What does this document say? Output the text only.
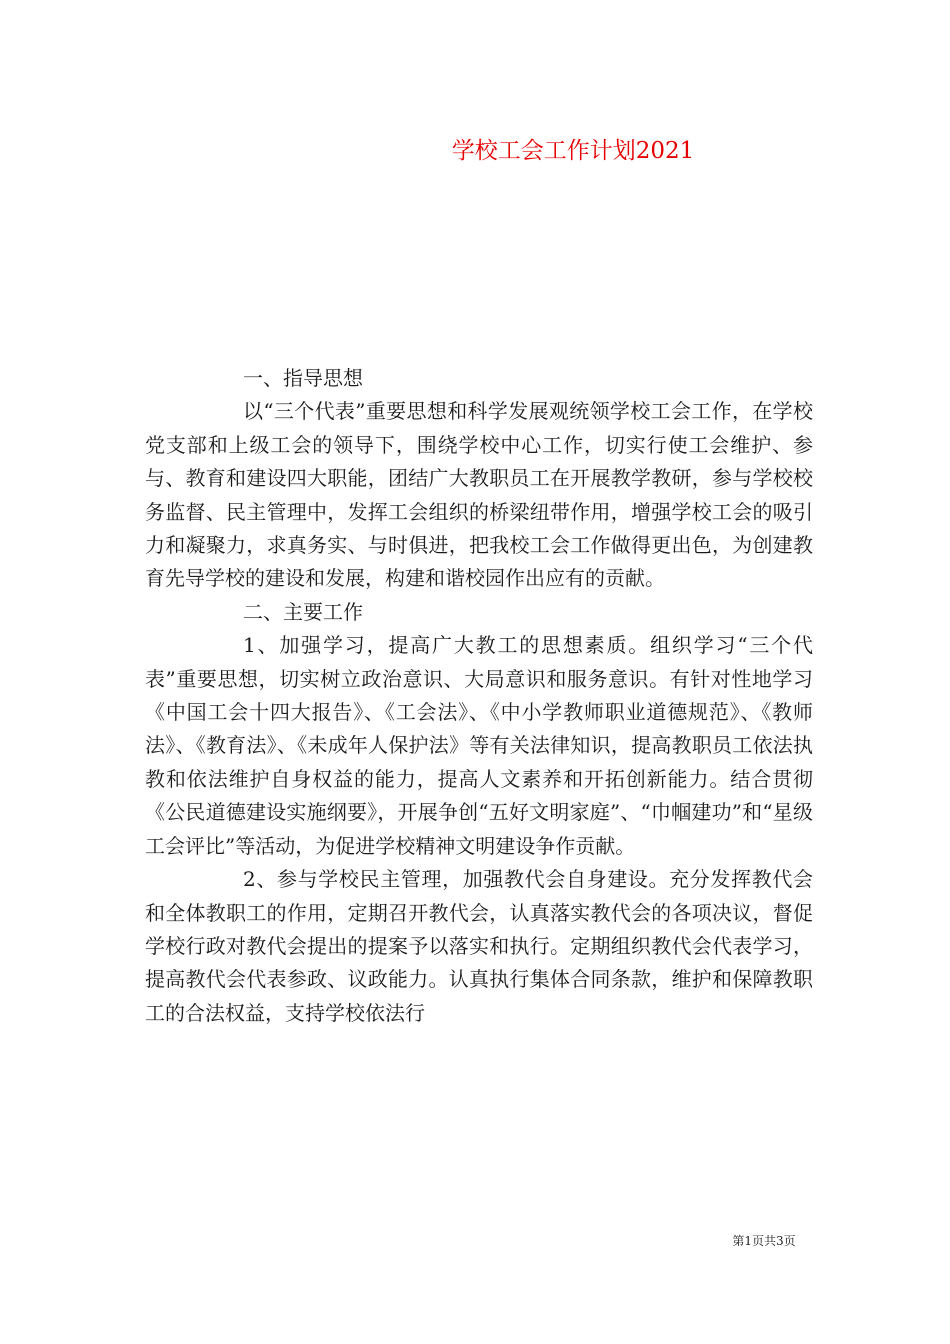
学校工会工作计划2021

一、指导思想

以“三个代表”重要思想和科学发展观统领学校工会工作，在学校党支部和上级工会的领导下，围绕学校中心工作，切实行使工会维护、参与、教育和建设四大职能，团结广大教职员工在开展教学教研，参与学校校务监督、民主管理中，发挥工会组织的桥梁纽带作用，增强学校工会的吸引力和凝聚力，求真务实、与时俱进，把我校工会工作做得更出色，为创建教育先导学校的建设和发展，构建和谐校园作出应有的贡献。

二、主要工作

1、加强学习，提高广大教工的思想素质。组织学习“三个代表”重要思想，切实树立政治意识、大局意识和服务意识。有针对性地学习《中国工会十四大报告》、《工会法》、《中小学教师职业道德规范》、《教师法》、《教育法》、《未成年人保护法》等有关法律知识，提高教职员工依法执教和依法维护自身权益的能力，提高人文素养和开拓创新能力。结合贯彻《公民道德建设实施纲要》，开展争创“五好文明家庭”、“巾帼建功”和“星级工会评比”等活动，为促进学校精神文明建设争作贡献。

2、参与学校民主管理，加强教代会自身建设。充分发挥教代会和全体教职工的作用，定期召开教代会，认真落实教代会的各项决议，督促学校行政对教代会提出的提案予以落实和执行。定期组织教代会代表学习，提高教代会代表参政、议政能力。认真执行集体合同条款，维护和保障教职工的合法权益，支持学校依法行

第1页共3页
